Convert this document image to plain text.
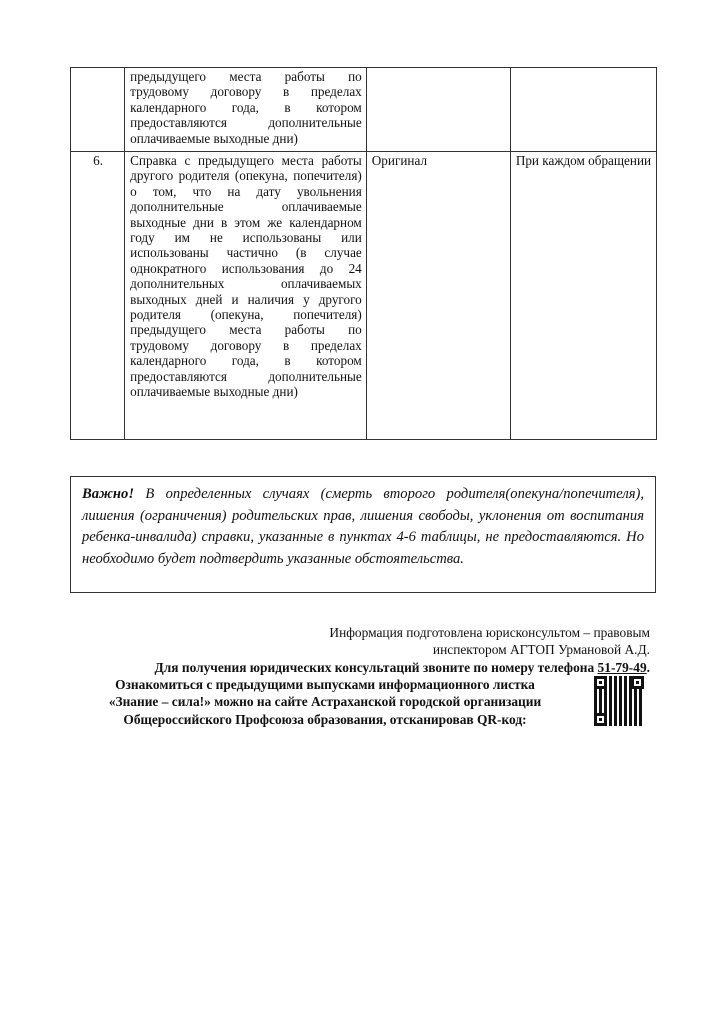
	предыдущего места работы по трудовому договору в пределах календарного года, в котором предоставляются дополнительные оплачиваемые выходные дни)		
6.	Справка с предыдущего места работы другого родителя (опекуна, попечителя) о том, что на дату увольнения дополнительные оплачиваемые выходные дни в этом же календарном году им не использованы или использованы частично (в случае однократного использования до 24 дополнительных оплачиваемых выходных дней и наличия у другого родителя (опекуна, попечителя) предыдущего места работы по трудовому договору в пределах календарного года, в котором предоставляются дополнительные оплачиваемые выходные дни)	Оригинал	При каждом обращении
Важно! В определенных случаях (смерть второго родителя(опекуна/попечителя), лишения (ограничения) родительских прав, лишения свободы, уклонения от воспитания ребенка-инвалида) справки, указанные в пунктах 4-6 таблицы, не предоставляются. Но необходимо будет подтвердить указанные обстоятельства.
Информация подготовлена юрисконсультом – правовым
инспектором АГТОП Урмановой А.Д.
Для получения юридических консультаций звоните по номеру телефона 51-79-49.
Ознакомиться с предыдущими выпусками информационного листка
«Знание – сила!» можно на сайте Астраханской городской организации
Общероссийского Профсоюза образования, отсканировав QR-код:
